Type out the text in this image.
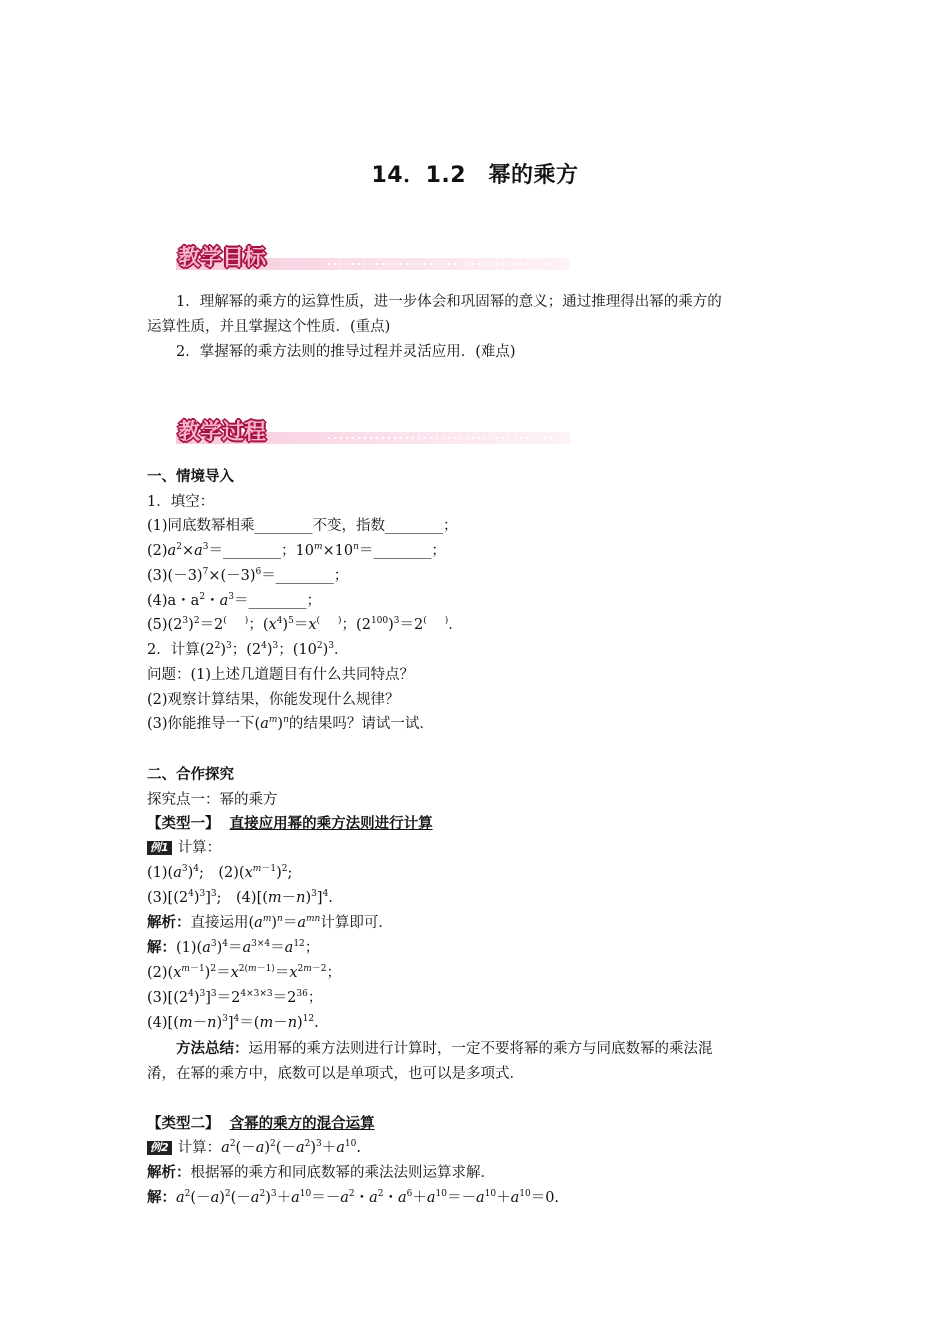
14．1.2　幂的乘方
教学目标
1．理解幂的乘方的运算性质，进一步体会和巩固幂的意义；通过推理得出幂的乘方的
运算性质，并且掌握这个性质．(重点)
2．掌握幂的乘方法则的推导过程并灵活应用．(难点)
教学过程
一、情境导入
1．填空：
(1)同底数幂相乘________不变，指数________；
$(2)a^2\times a^3=\_\_\_\_\_\_\_\_$；$10^m\times 10^n=\_\_\_\_\_\_\_\_$；
$(3)(-3)^7\times(-3)^6=\_\_\_\_\_\_\_\_$；
(4)a・$a^2$・$a^3=\_\_\_\_\_\_\_\_$；
$(5)(2^3)^2=2^{( )}$；$(x^4)^5=x^{( )}$；$(2^{100})^3=2^{( )}$．
2．计算$(2^2)^3$；$(2^4)^3$；$(10^2)^3$．
问题：(1)上述几道题目有什么共同特点？
(2)观察计算结果，你能发现什么规律？
(3)你能推导一下$(a^m)^n$的结果吗？请试一试．
二、合作探究
探究点一：幂的乘方
【类型一】 直接应用幂的乘方法则进行计算
例1 计算：
$(1)(a^3)^4$;　$(2)(x^{m-1})^2$;
$(3)[(2^4)^3]^3$;　$(4)[(m-n)^3]^4$.
解析：直接运用$(a^m)^n=a^{mn}$计算即可．
解：$(1)(a^3)^4=a^{3\times 4}=a^{12}$；
$(2)(x^{m-1})^2=x^{2(m-1)}=x^{2m-2}$；
$(3)[(2^4)^3]^3=2^{4\times 3\times 3}=2^{36}$；
$(4)[(m-n)^3]^4=(m-n)^{12}$.
方法总结：运用幂的乘方法则进行计算时，一定不要将幂的乘方与同底数幂的乘法混
淆，在幂的乘方中，底数可以是单项式，也可以是多项式．
【类型二】 含幂的乘方的混合运算
例2 计算：$a^2(-a)^2(-a^2)^3+a^{10}$.
解析：根据幂的乘方和同底数幂的乘法法则运算求解．
解：$a^2(-a)^2(-a^2)^3+a^{10}=-a^2$・$a^2$・$a^6+a^{10}=-a^{10}+a^{10}=0$.
